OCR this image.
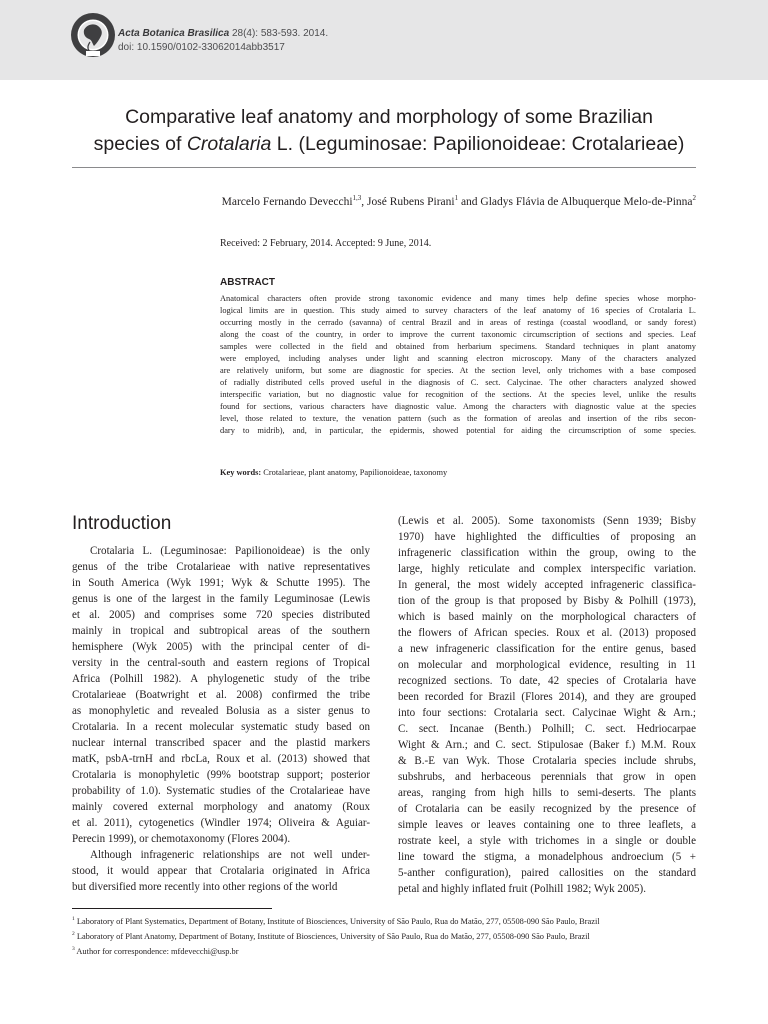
Acta Botanica Brasilica 28(4): 583-593. 2014.
doi: 10.1590/0102-33062014abb3517
Comparative leaf anatomy and morphology of some Brazilian
species of Crotalaria L. (Leguminosae: Papilionoideae: Crotalarieae)
Marcelo Fernando Devecchi$^{1,3}$, José Rubens Pirani$^1$ and Gladys Flávia de Albuquerque Melo-de-Pinna$^2$
Received: 2 February, 2014. Accepted: 9 June, 2014.
ABSTRACT
Anatomical characters often provide strong taxonomic evidence and many times help define species whose morpho-
logical limits are in question. This study aimed to survey characters of the leaf anatomy of 16 species of Crotalaria L.
occurring mostly in the cerrado (savanna) of central Brazil and in areas of restinga (coastal woodland, or sandy forest)
along the coast of the country, in order to improve the current taxonomic circumscription of sections and species. Leaf
samples were collected in the field and obtained from herbarium specimens. Standard techniques in plant anatomy
were employed, including analyses under light and scanning electron microscopy. Many of the characters analyzed
are relatively uniform, but some are diagnostic for species. At the section level, only trichomes with a base composed
of radially distributed cells proved useful in the diagnosis of C. sect. Calycinae. The other characters analyzed showed
interspecific variation, but no diagnostic value for recognition of the sections. At the species level, unlike the results
found for sections, various characters have diagnostic value. Among the characters with diagnostic value at the species
level, those related to texture, the venation pattern (such as the formation of areolas and insertion of the ribs secon-
dary to midrib), and, in particular, the epidermis, showed potential for aiding the circumscription of some species.
Key words: Crotalarieae, plant anatomy, Papilionoideae, taxonomy
Introduction
Crotalaria L. (Leguminosae: Papilionoideae) is the only
genus of the tribe Crotalarieae with native representatives
in South America (Wyk 1991; Wyk & Schutte 1995). The
genus is one of the largest in the family Leguminosae (Lewis
et al. 2005) and comprises some 720 species distributed
mainly in tropical and subtropical areas of the southern
hemisphere (Wyk 2005) with the principal center of di-
versity in the central-south and eastern regions of Tropical
Africa (Polhill 1982). A phylogenetic study of the tribe
Crotalarieae (Boatwright et al. 2008) confirmed the tribe
as monophyletic and revealed Bolusia as a sister genus to
Crotalaria. In a recent molecular systematic study based on
nuclear internal transcribed spacer and the plastid markers
matK, psbA-trnH and rbcLa, Roux et al. (2013) showed that
Crotalaria is monophyletic (99% bootstrap support; posterior
probability of 1.0). Systematic studies of the Crotalarieae have
mainly covered external morphology and anatomy (Roux
et al. 2011), cytogenetics (Windler 1974; Oliveira & Aguiar-
Perecin 1999), or chemotaxonomy (Flores 2004).
Although infrageneric relationships are not well under-
stood, it would appear that Crotalaria originated in Africa
but diversified more recently into other regions of the world
(Lewis et al. 2005). Some taxonomists (Senn 1939; Bisby
1970) have highlighted the difficulties of proposing an
infrageneric classification within the group, owing to the
large, highly reticulate and complex interspecific variation.
In general, the most widely accepted infrageneric classifica-
tion of the group is that proposed by Bisby & Polhill (1973),
which is based mainly on the morphological characters of
the flowers of African species. Roux et al. (2013) proposed
a new infrageneric classification for the entire genus, based
on molecular and morphological evidence, resulting in 11
recognized sections. To date, 42 species of Crotalaria have
been recorded for Brazil (Flores 2014), and they are grouped
into four sections: Crotalaria sect. Calycinae Wight & Arn.;
C. sect. Incanae (Benth.) Polhill; C. sect. Hedriocarpae
Wight & Arn.; and C. sect. Stipulosae (Baker f.) M.M. Roux
& B.-E van Wyk. Those Crotalaria species include shrubs,
subshrubs, and herbaceous perennials that grow in open
areas, ranging from high hills to semi-deserts. The plants
of Crotalaria can be easily recognized by the presence of
simple leaves or leaves containing one to three leaflets, a
rostrate keel, a style with trichomes in a single or double
line toward the stigma, a monadelphous androecium (5 +
5-anther configuration), paired callosities on the standard
petal and highly inflated fruit (Polhill 1982; Wyk 2005).
$^1$ Laboratory of Plant Systematics, Department of Botany, Institute of Biosciences, University of São Paulo, Rua do Matão, 277, 05508-090 São Paulo, Brazil
$^2$ Laboratory of Plant Anatomy, Department of Botany, Institute of Biosciences, University of São Paulo, Rua do Matão, 277, 05508-090 São Paulo, Brazil
$^3$ Author for correspondence: mfdevecchi@usp.br
